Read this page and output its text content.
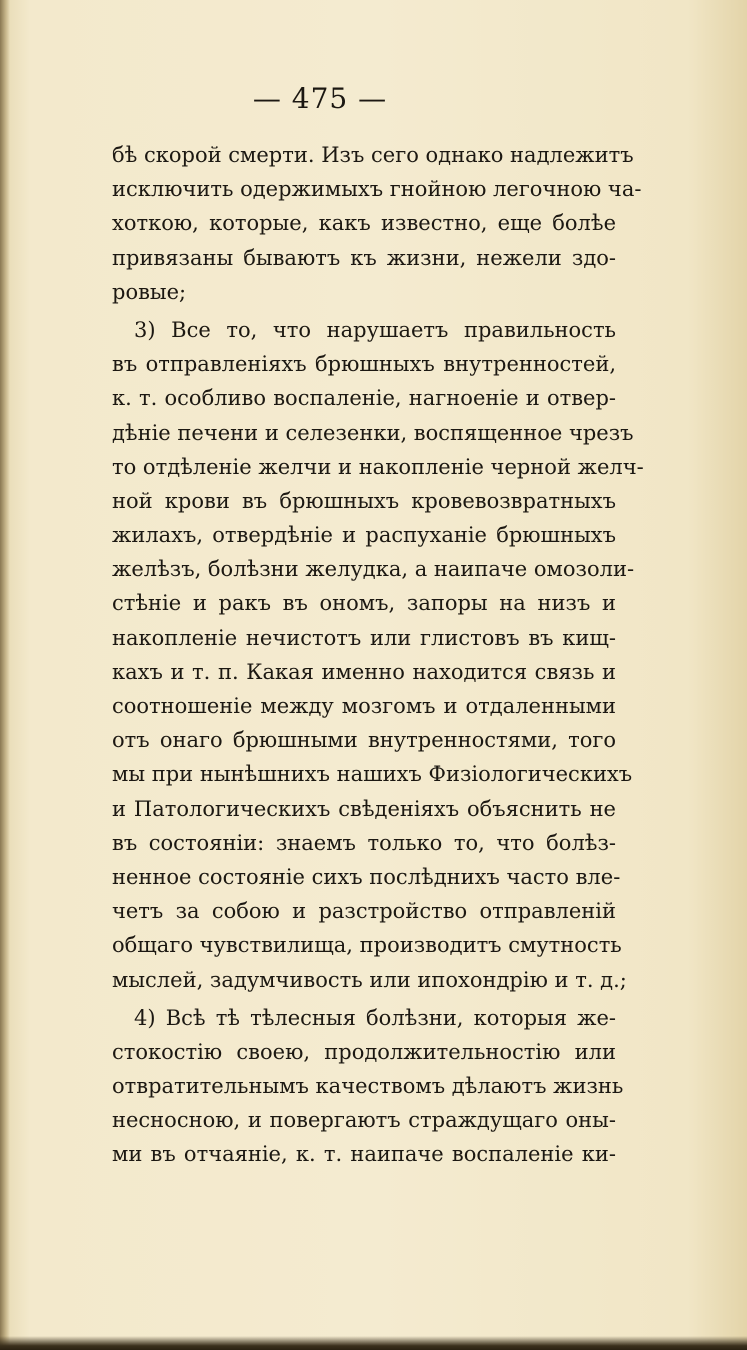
— 475 —
бѣ скорой смерти. Изъ сего однако надлежитъ
исключить одержимыхъ гнойною легочною ча-
хоткою, которые, какъ известно, еще болѣе
привязаны бываютъ къ жизни, нежели здо-
ровые;
3) Все то, что нарушаетъ правильность
въ отправленiяхъ брюшныхъ внутренностей,
к. т. особливо воспаленiе, нагноенiе и отвер-
дѣнiе печени и селезенки, воспященное чрезъ
то отдѣленiе желчи и накопленiе черной желч-
ной крови въ брюшныхъ кровевозвратныхъ
жилахъ, отвердѣнiе и распуханiе брюшныхъ
желѣзъ, болѣзни желудка, а наипаче омозоли-
стѣнiе и ракъ въ ономъ, запоры на низъ и
накопленiе нечистотъ или глистовъ въ кищ-
кахъ и т. п. Какая именно находится связь и
соотношенiе между мозгомъ и отдаленными
отъ онаго брюшными внутренностями, того
мы при нынѣшнихъ нашихъ Физiологическихъ
и Патологическихъ свѣденiяхъ объяснить не
въ состоянiи: знаемъ только то, что болѣз-
ненное состоянiе сихъ послѣднихъ часто вле-
четъ за собою и разстройство отправленiй
общаго чувствилища, производитъ смутность
мыслей, задумчивость или ипохондрiю и т. д.;
4) Всѣ тѣ тѣлесныя болѣзни, которыя же-
стокостiю своею, продолжительностiю или
отвратительнымъ качествомъ дѣлаютъ жизнь
несносною, и повергаютъ страждущаго оны-
ми въ отчаянiе, к. т. наипаче воспаленiе ки-
